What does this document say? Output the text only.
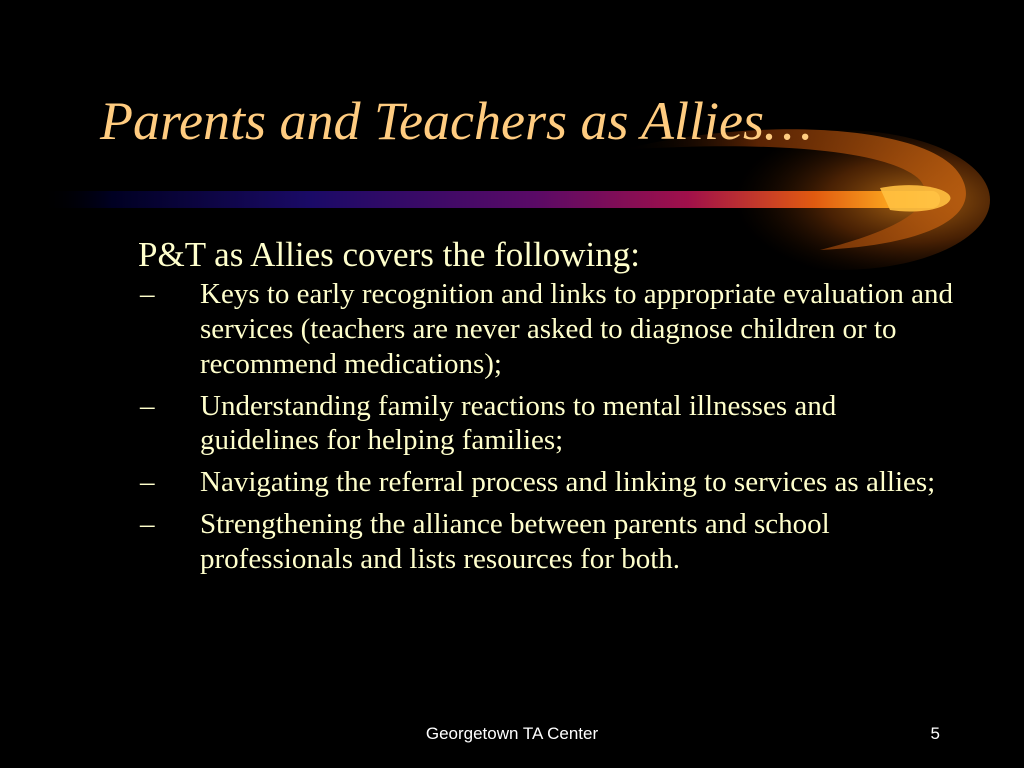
Parents and Teachers as Allies…

P&T as Allies covers the following:

– Keys to early recognition and links to appropriate evaluation and services (teachers are never asked to diagnose children or to recommend medications);
– Understanding family reactions to mental illnesses and guidelines for helping families;
– Navigating the referral process and linking to services as allies;
– Strengthening the alliance between parents and school professionals and lists resources for both.
Georgetown TA Center	5
